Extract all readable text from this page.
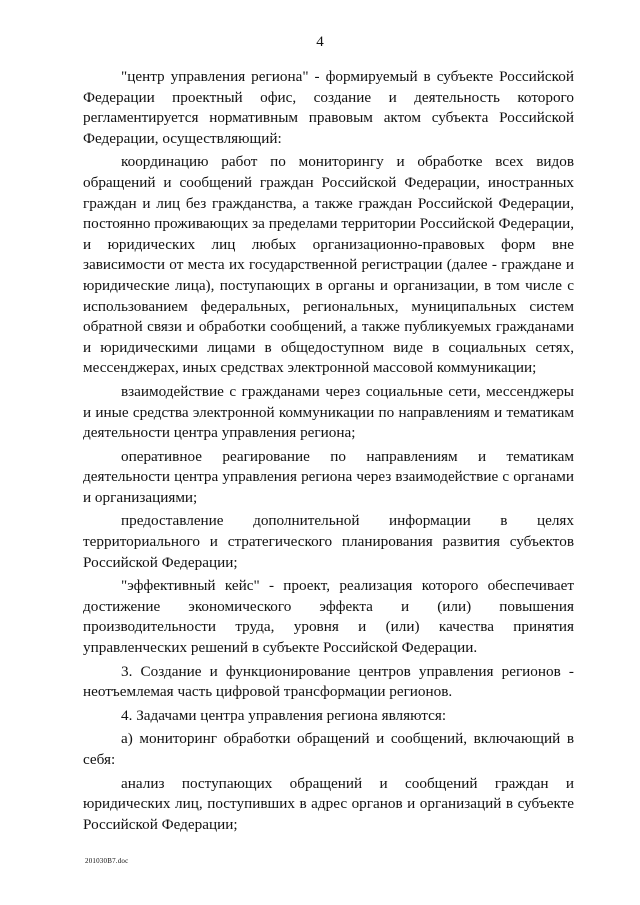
4

"центр управления региона" - формируемый в субъекте Российской Федерации проектный офис, создание и деятельность которого регламентируется нормативным правовым актом субъекта Российской Федерации, осуществляющий:

координацию работ по мониторингу и обработке всех видов обращений и сообщений граждан Российской Федерации, иностранных граждан и лиц без гражданства, а также граждан Российской Федерации, постоянно проживающих за пределами территории Российской Федерации, и юридических лиц любых организационно-правовых форм вне зависимости от места их государственной регистрации (далее - граждане и юридические лица), поступающих в органы и организации, в том числе с использованием федеральных, региональных, муниципальных систем обратной связи и обработки сообщений, а также публикуемых гражданами и юридическими лицами в общедоступном виде в социальных сетях, мессенджерах, иных средствах электронной массовой коммуникации;

взаимодействие с гражданами через социальные сети, мессенджеры и иные средства электронной коммуникации по направлениям и тематикам деятельности центра управления региона;

оперативное реагирование по направлениям и тематикам деятельности центра управления региона через взаимодействие с органами и организациями;

предоставление дополнительной информации в целях территориального и стратегического планирования развития субъектов Российской Федерации;

"эффективный кейс" - проект, реализация которого обеспечивает достижение экономического эффекта и (или) повышения производительности труда, уровня и (или) качества принятия управленческих решений в субъекте Российской Федерации.

3. Создание и функционирование центров управления регионов - неотъемлемая часть цифровой трансформации регионов.

4. Задачами центра управления региона являются:

а) мониторинг обработки обращений и сообщений, включающий в себя:

анализ поступающих обращений и сообщений граждан и юридических лиц, поступивших в адрес органов и организаций в субъекте Российской Федерации;

201030В7.doc
